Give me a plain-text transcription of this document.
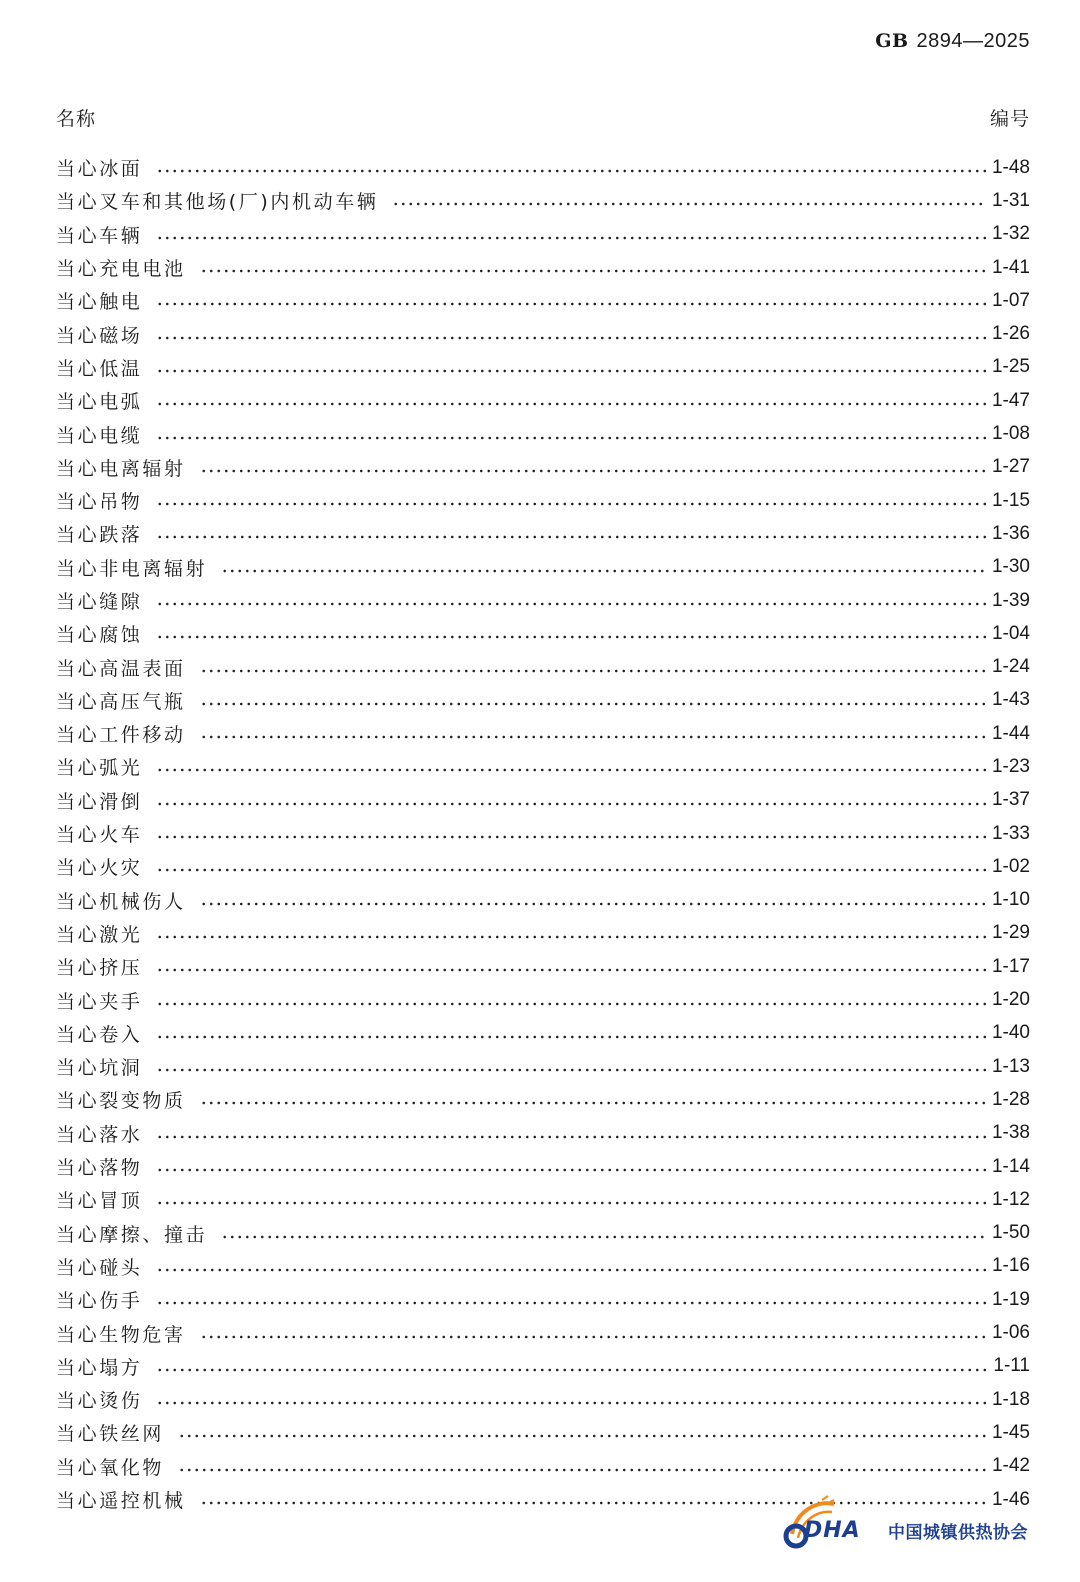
GB 2894—2025
名称	编号
当心冰面	1-48
当心叉车和其他场(厂)内机动车辆	1-31
当心车辆	1-32
当心充电电池	1-41
当心触电	1-07
当心磁场	1-26
当心低温	1-25
当心电弧	1-47
当心电缆	1-08
当心电离辐射	1-27
当心吊物	1-15
当心跌落	1-36
当心非电离辐射	1-30
当心缝隙	1-39
当心腐蚀	1-04
当心高温表面	1-24
当心高压气瓶	1-43
当心工件移动	1-44
当心弧光	1-23
当心滑倒	1-37
当心火车	1-33
当心火灾	1-02
当心机械伤人	1-10
当心激光	1-29
当心挤压	1-17
当心夹手	1-20
当心卷入	1-40
当心坑洞	1-13
当心裂变物质	1-28
当心落水	1-38
当心落物	1-14
当心冒顶	1-12
当心摩擦、撞击	1-50
当心碰头	1-16
当心伤手	1-19
当心生物危害	1-06
当心塌方	1-11
当心烫伤	1-18
当心铁丝网	1-45
当心氧化物	1-42
当心遥控机械	1-46
DHA 中国城镇供热协会
